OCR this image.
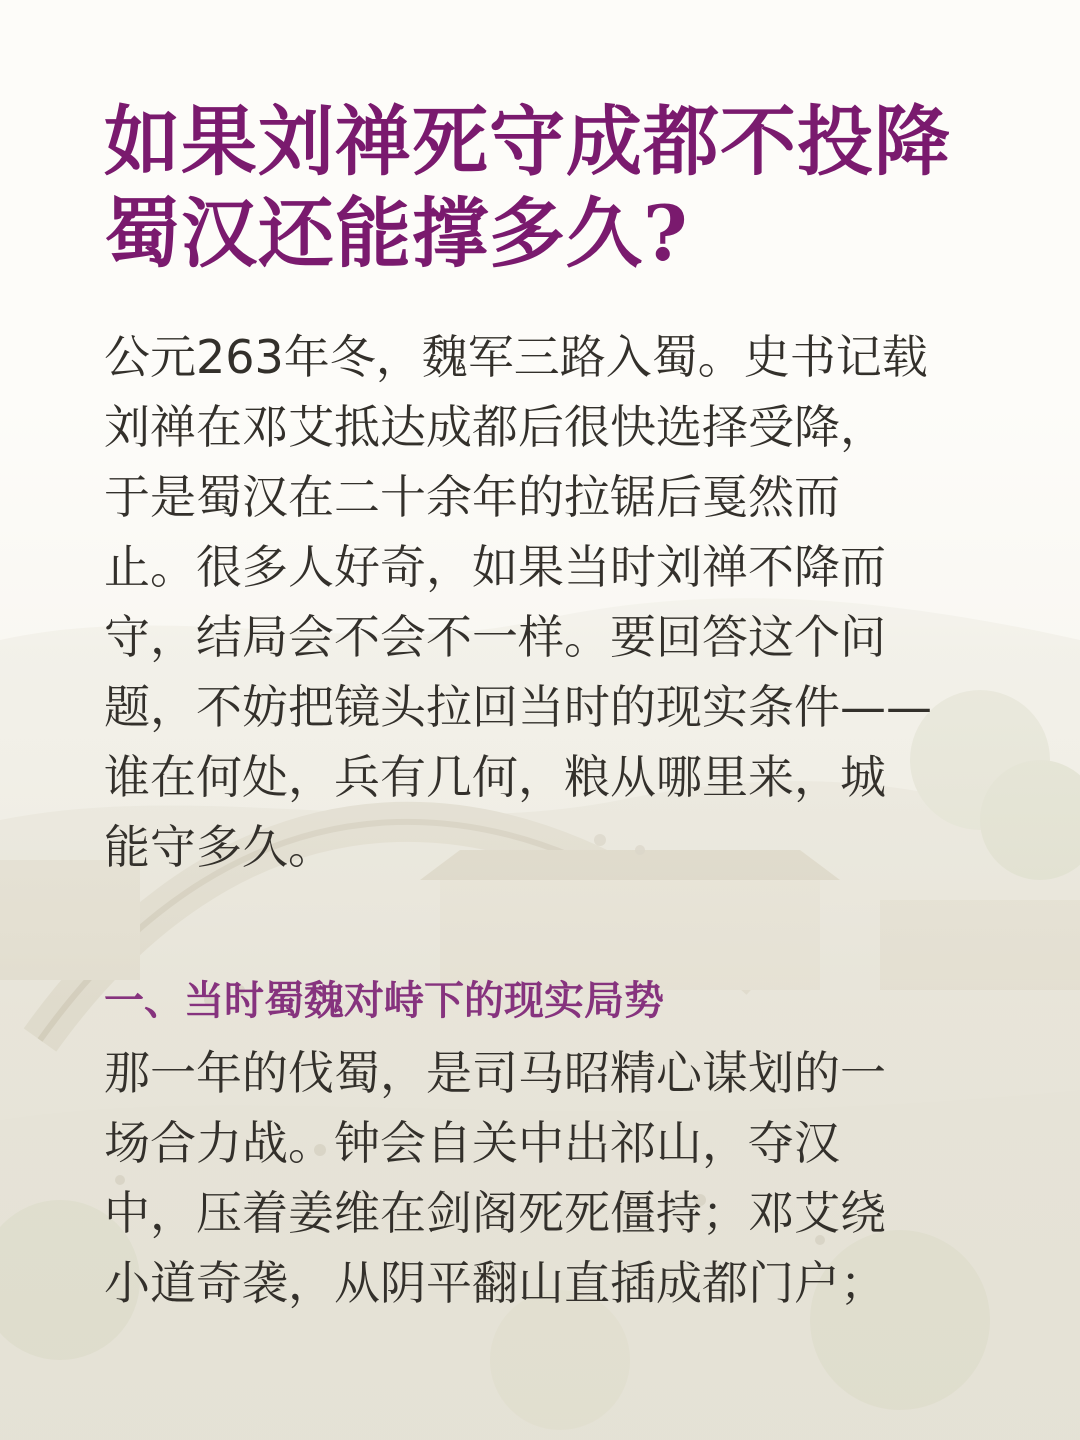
如果刘禅死守成都不投降
蜀汉还能撑多久?
公元263年冬，魏军三路入蜀。史书记载
刘禅在邓艾抵达成都后很快选择受降，
于是蜀汉在二十余年的拉锯后戛然而
止。很多人好奇，如果当时刘禅不降而
守，结局会不会不一样。要回答这个问
题，不妨把镜头拉回当时的现实条件——
谁在何处，兵有几何，粮从哪里来，城
能守多久。
一、当时蜀魏对峙下的现实局势
那一年的伐蜀，是司马昭精心谋划的一
场合力战。钟会自关中出祁山，夺汉
中，压着姜维在剑阁死死僵持；邓艾绕
小道奇袭，从阴平翻山直插成都门户；
